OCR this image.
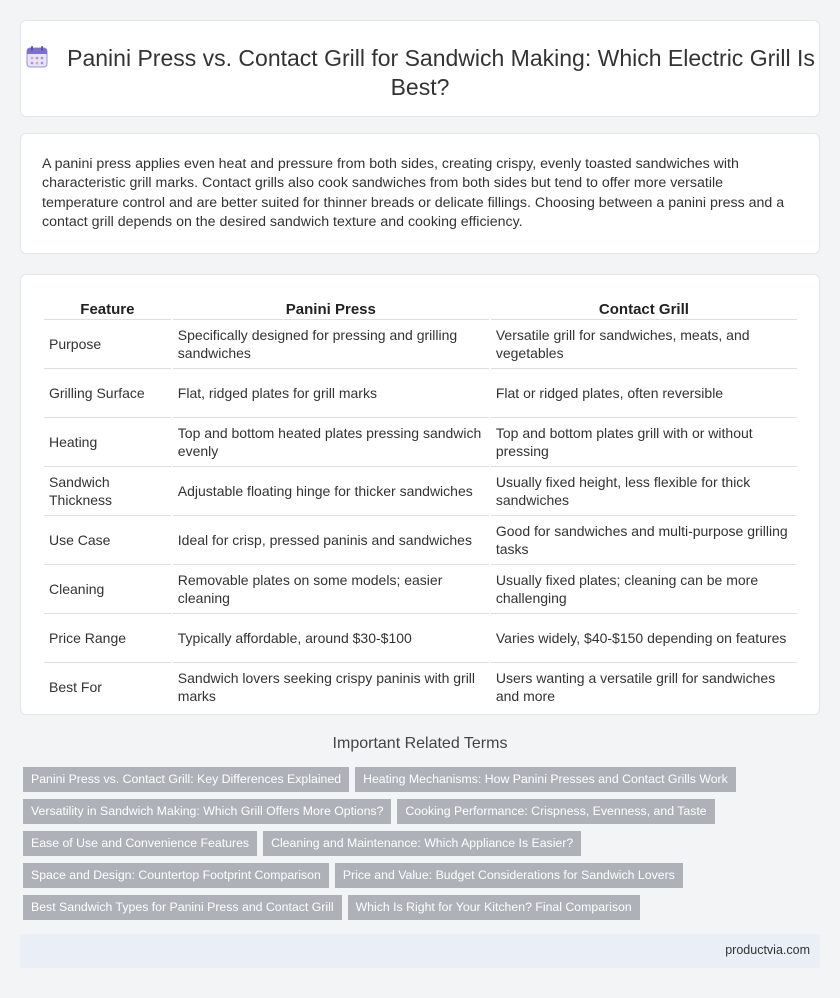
Panini Press vs. Contact Grill for Sandwich Making: Which Electric Grill Is Best?

A panini press applies even heat and pressure from both sides, creating crispy, evenly toasted sandwiches with characteristic grill marks. Contact grills also cook sandwiches from both sides but tend to offer more versatile temperature control and are better suited for thinner breads or delicate fillings. Choosing between a panini press and a contact grill depends on the desired sandwich texture and cooking efficiency.

Feature	Panini Press	Contact Grill
Purpose	Specifically designed for pressing and grilling sandwiches	Versatile grill for sandwiches, meats, and vegetables
Grilling Surface	Flat, ridged plates for grill marks	Flat or ridged plates, often reversible
Heating	Top and bottom heated plates pressing sandwich evenly	Top and bottom plates grill with or without pressing
Sandwich Thickness	Adjustable floating hinge for thicker sandwiches	Usually fixed height, less flexible for thick sandwiches
Use Case	Ideal for crisp, pressed paninis and sandwiches	Good for sandwiches and multi-purpose grilling tasks
Cleaning	Removable plates on some models; easier cleaning	Usually fixed plates; cleaning can be more challenging
Price Range	Typically affordable, around $30-$100	Varies widely, $40-$150 depending on features
Best For	Sandwich lovers seeking crispy paninis with grill marks	Users wanting a versatile grill for sandwiches and more
Important Related Terms
Panini Press vs. Contact Grill: Key Differences Explained Heating Mechanisms: How Panini Presses and Contact Grills Work
Versatility in Sandwich Making: Which Grill Offers More Options? Cooking Performance: Crispness, Evenness, and Taste
Ease of Use and Convenience Features Cleaning and Maintenance: Which Appliance Is Easier?
Space and Design: Countertop Footprint Comparison Price and Value: Budget Considerations for Sandwich Lovers
Best Sandwich Types for Panini Press and Contact Grill Which Is Right for Your Kitchen? Final Comparison
productvia.com
